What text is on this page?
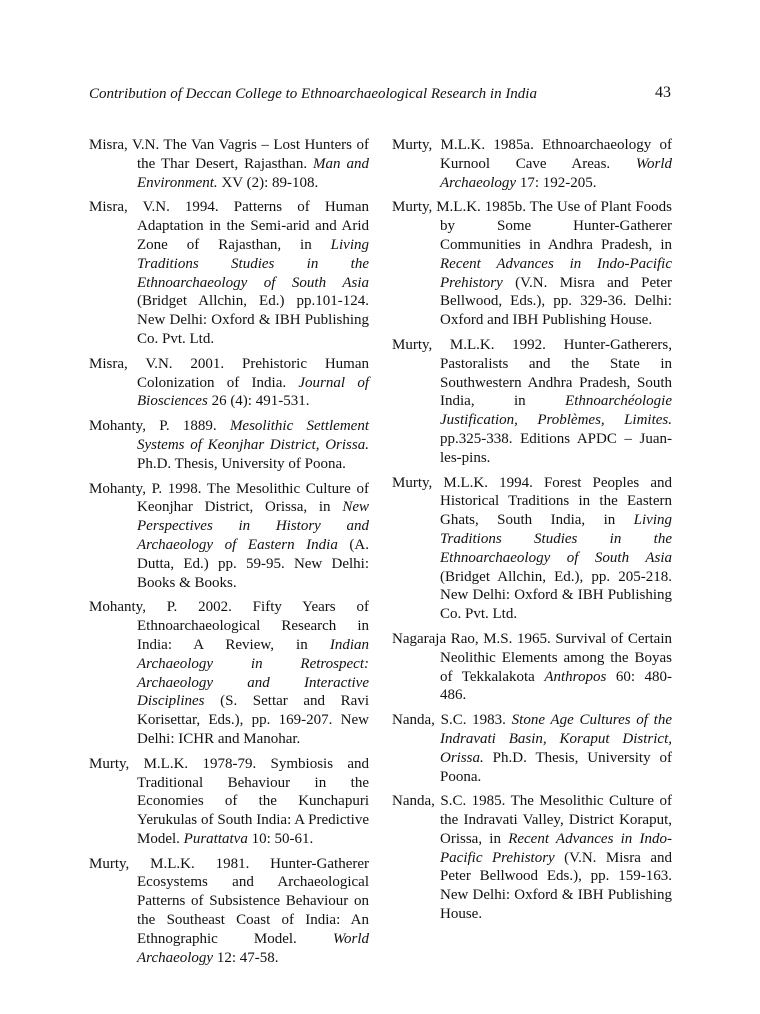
Contribution of Deccan College to Ethnoarchaeological Research in India	43
Misra, V.N. The Van Vagris – Lost Hunters of the Thar Desert, Rajasthan. Man and Environment. XV (2): 89-108.
Misra, V.N. 1994. Patterns of Human Adaptation in the Semi-arid and Arid Zone of Rajasthan, in Living Traditions Studies in the Ethnoarchaeology of South Asia (Bridget Allchin, Ed.) pp.101-124. New Delhi: Oxford & IBH Publishing Co. Pvt. Ltd.
Misra, V.N. 2001. Prehistoric Human Colonization of India. Journal of Biosciences 26 (4): 491-531.
Mohanty, P. 1889. Mesolithic Settlement Systems of Keonjhar District, Orissa. Ph.D. Thesis, University of Poona.
Mohanty, P. 1998. The Mesolithic Culture of Keonjhar District, Orissa, in New Perspectives in History and Archaeology of Eastern India (A. Dutta, Ed.) pp. 59-95. New Delhi: Books & Books.
Mohanty, P. 2002. Fifty Years of Ethnoarchaeological Research in India: A Review, in Indian Archaeology in Retrospect: Archaeology and Interactive Disciplines (S. Settar and Ravi Korisettar, Eds.), pp. 169-207. New Delhi: ICHR and Manohar.
Murty, M.L.K. 1978-79. Symbiosis and Traditional Behaviour in the Economies of the Kunchapuri Yerukulas of South India: A Predictive Model. Purattatva 10: 50-61.
Murty, M.L.K. 1981. Hunter-Gatherer Ecosystems and Archaeological Patterns of Subsistence Behaviour on the Southeast Coast of India: An Ethnographic Model. World Archaeology 12: 47-58.
Murty, M.L.K. 1985a. Ethnoarchaeology of Kurnool Cave Areas. World Archaeology 17: 192-205.
Murty, M.L.K. 1985b. The Use of Plant Foods by Some Hunter-Gatherer Communities in Andhra Pradesh, in Recent Advances in Indo-Pacific Prehistory (V.N. Misra and Peter Bellwood, Eds.), pp. 329-36. Delhi: Oxford and IBH Publishing House.
Murty, M.L.K. 1992. Hunter-Gatherers, Pastoralists and the State in Southwestern Andhra Pradesh, South India, in Ethnoarchéologie Justification, Problèmes, Limites. pp.325-338. Editions APDC – Juan-les-pins.
Murty, M.L.K. 1994. Forest Peoples and Historical Traditions in the Eastern Ghats, South India, in Living Traditions Studies in the Ethnoarchaeology of South Asia (Bridget Allchin, Ed.), pp. 205-218. New Delhi: Oxford & IBH Publishing Co. Pvt. Ltd.
Nagaraja Rao, M.S. 1965. Survival of Certain Neolithic Elements among the Boyas of Tekkalakota Anthropos 60: 480-486.
Nanda, S.C. 1983. Stone Age Cultures of the Indravati Basin, Koraput District, Orissa. Ph.D. Thesis, University of Poona.
Nanda, S.C. 1985. The Mesolithic Culture of the Indravati Valley, District Koraput, Orissa, in Recent Advances in Indo-Pacific Prehistory (V.N. Misra and Peter Bellwood Eds.), pp. 159-163. New Delhi: Oxford & IBH Publishing House.
